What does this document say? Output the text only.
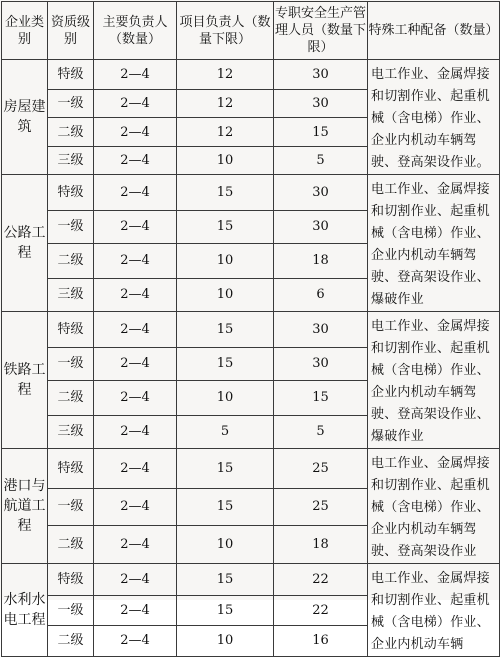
企业类别	资质级别	主要负责人（数量）	项目负责人（数量下限）	专职安全生产管理人员（数量下限）	特殊工种配备（数量）
房屋建筑	特级	2—4	12	30	电工作业、金属焊接和切割作业、起重机械（含电梯）作业、企业内机动车辆驾驶、登高架设作业。
	一级	2—4	12	30	
	二级	2—4	12	15	
	三级	2—4	10	5	
公路工程	特级	2—4	15	30	电工作业、金属焊接和切割作业、起重机械（含电梯）作业、企业内机动车辆驾驶、登高架设作业、爆破作业
	一级	2—4	15	30	
	二级	2—4	10	18	
	三级	2—4	10	6	
铁路工程	特级	2—4	15	30	电工作业、金属焊接和切割作业、起重机械（含电梯）作业、企业内机动车辆驾驶、登高架设作业、爆破作业
	一级	2—4	15	30	
	二级	2—4	10	15	
	三级	2—4	5	5	
港口与航道工程	特级	2—4	15	25	电工作业、金属焊接和切割作业、起重机械（含电梯）作业、企业内机动车辆驾驶、登高架设作业
	一级	2—4	15	25	
	二级	2—4	10	18	
水利水电工程	特级	2—4	15	22	电工作业、金属焊接和切割作业、起重机械（含电梯）作业、企业内机动车辆
	一级	2—4	15	22	
	二级	2—4	10	16	
